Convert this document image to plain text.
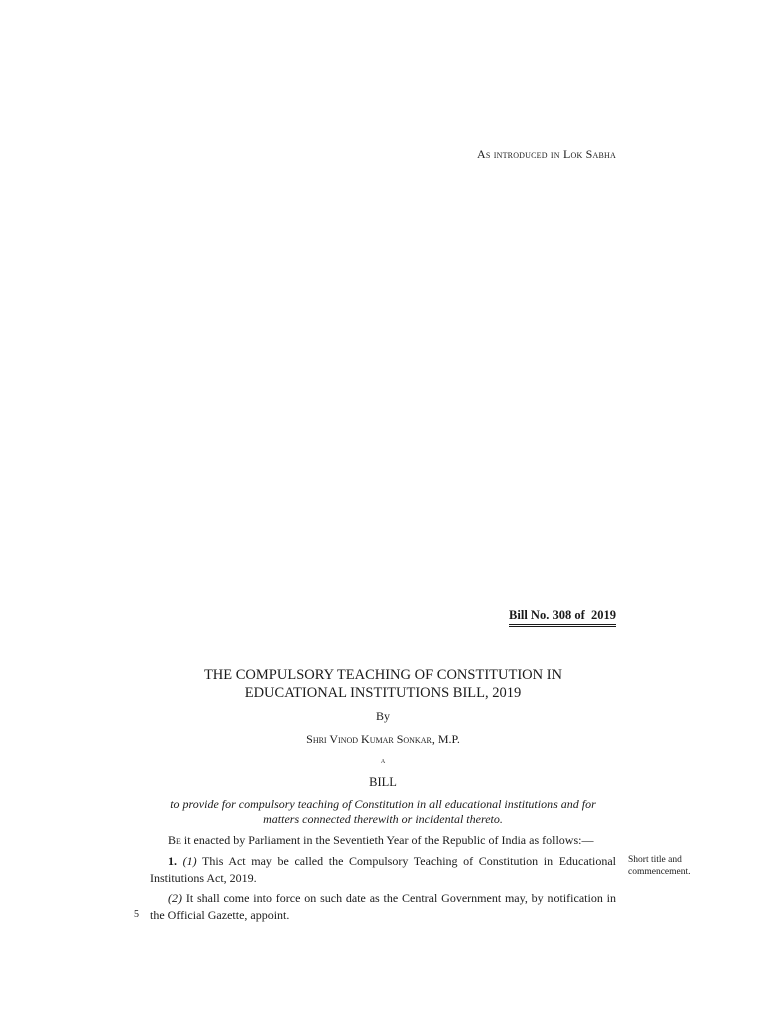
As introduced in Lok Sabha
Bill No. 308 of  2019
THE COMPULSORY TEACHING OF CONSTITUTION IN
EDUCATIONAL INSTITUTIONS BILL, 2019
By
Shri Vinod Kumar Sonkar, M.P.
a
BILL
to provide for compulsory teaching of Constitution in all educational institutions and for
matters connected therewith or incidental thereto.
Be it enacted by Parliament in the Seventieth Year of the Republic of India as follows:—
1. (1) This Act may be called the Compulsory Teaching of Constitution in Educational Institutions Act, 2019.
(2) It shall come into force on such date as the Central Government may, by notification in the Official Gazette, appoint.
Short title and
commencement.
5
